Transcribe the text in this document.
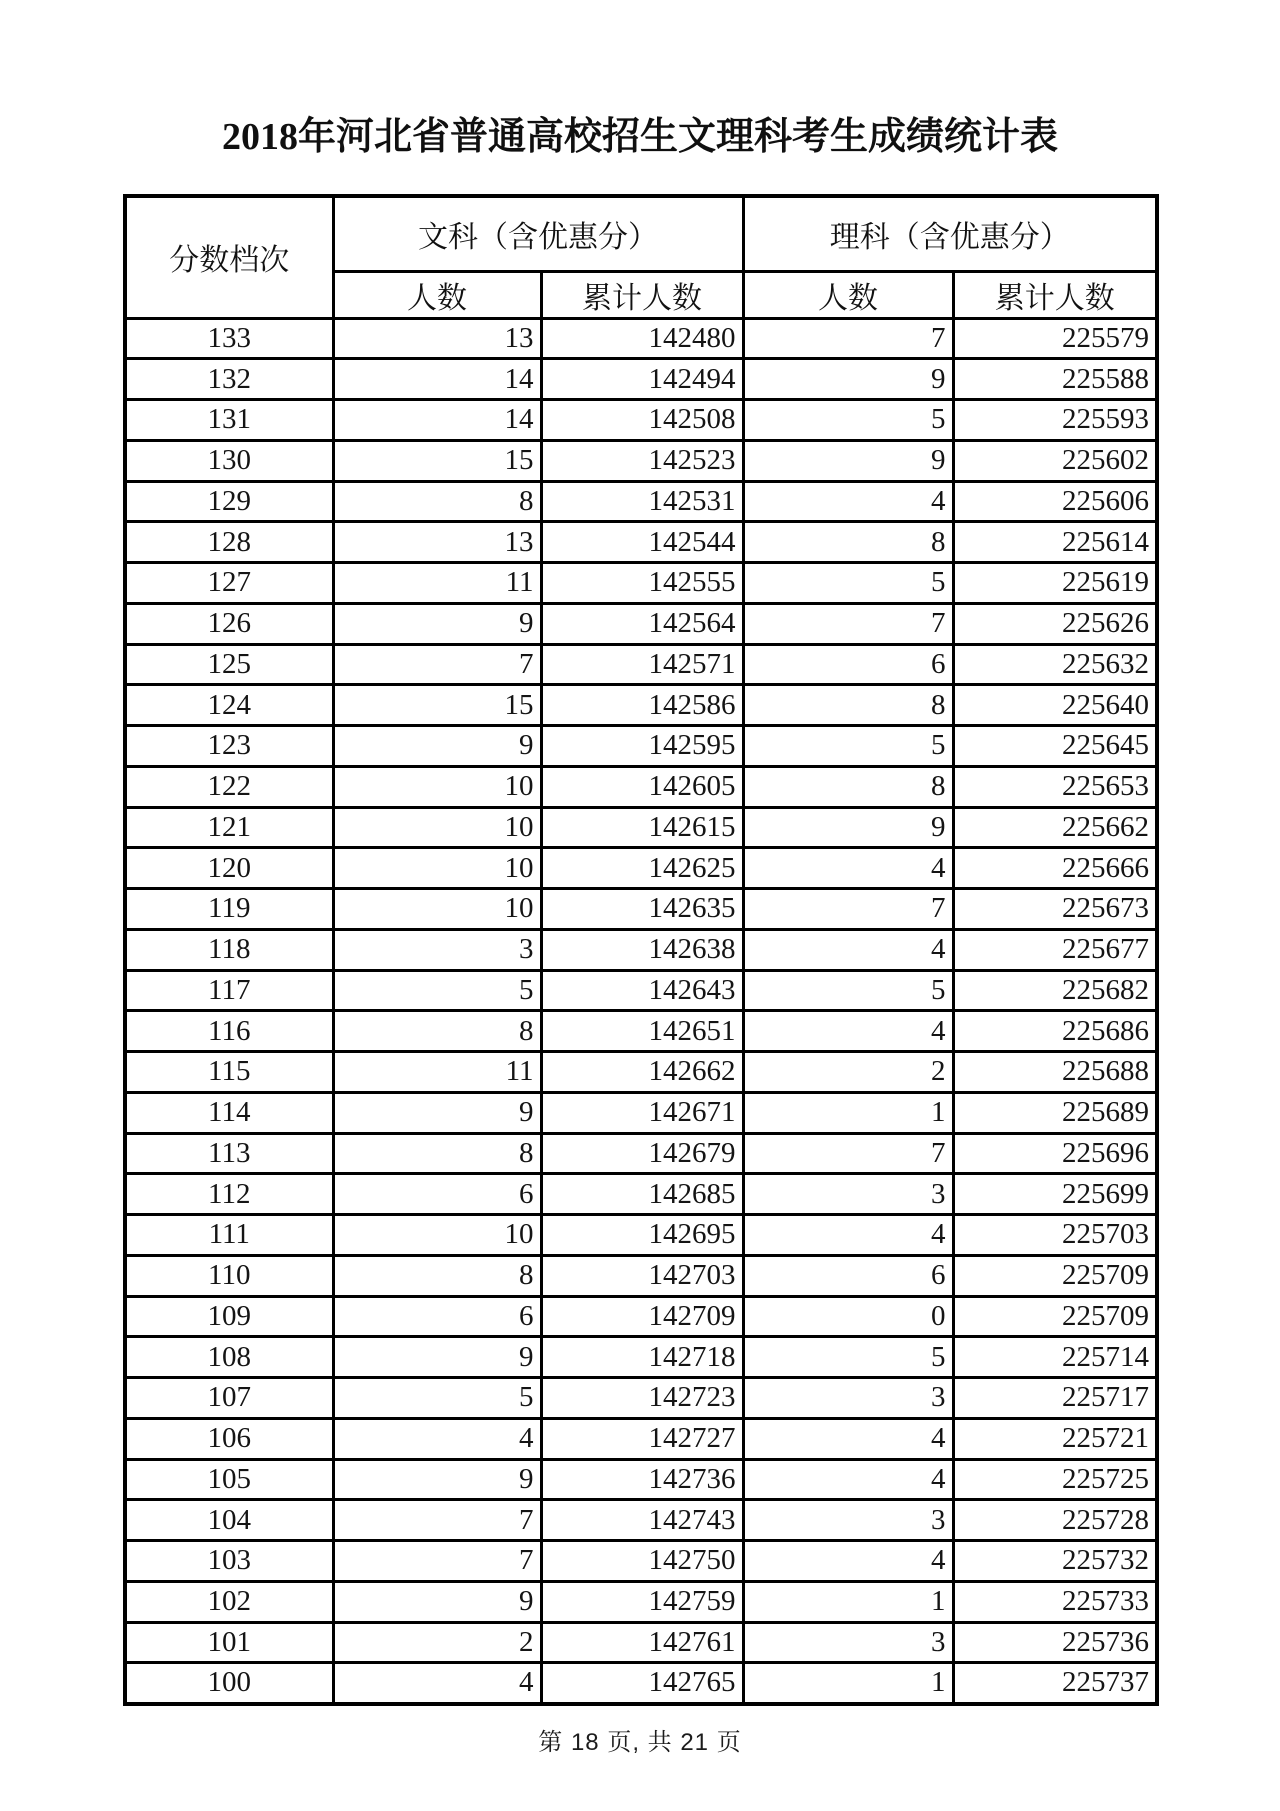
2018年河北省普通高校招生文理科考生成绩统计表
分数档次	文科（含优惠分）		理科（含优惠分）	
	人数	累计人数	人数	累计人数
133	13	142480	7	225579
132	14	142494	9	225588
131	14	142508	5	225593
130	15	142523	9	225602
129	8	142531	4	225606
128	13	142544	8	225614
127	11	142555	5	225619
126	9	142564	7	225626
125	7	142571	6	225632
124	15	142586	8	225640
123	9	142595	5	225645
122	10	142605	8	225653
121	10	142615	9	225662
120	10	142625	4	225666
119	10	142635	7	225673
118	3	142638	4	225677
117	5	142643	5	225682
116	8	142651	4	225686
115	11	142662	2	225688
114	9	142671	1	225689
113	8	142679	7	225696
112	6	142685	3	225699
111	10	142695	4	225703
110	8	142703	6	225709
109	6	142709	0	225709
108	9	142718	5	225714
107	5	142723	3	225717
106	4	142727	4	225721
105	9	142736	4	225725
104	7	142743	3	225728
103	7	142750	4	225732
102	9	142759	1	225733
101	2	142761	3	225736
100	4	142765	1	225737
第 18 页, 共 21 页
